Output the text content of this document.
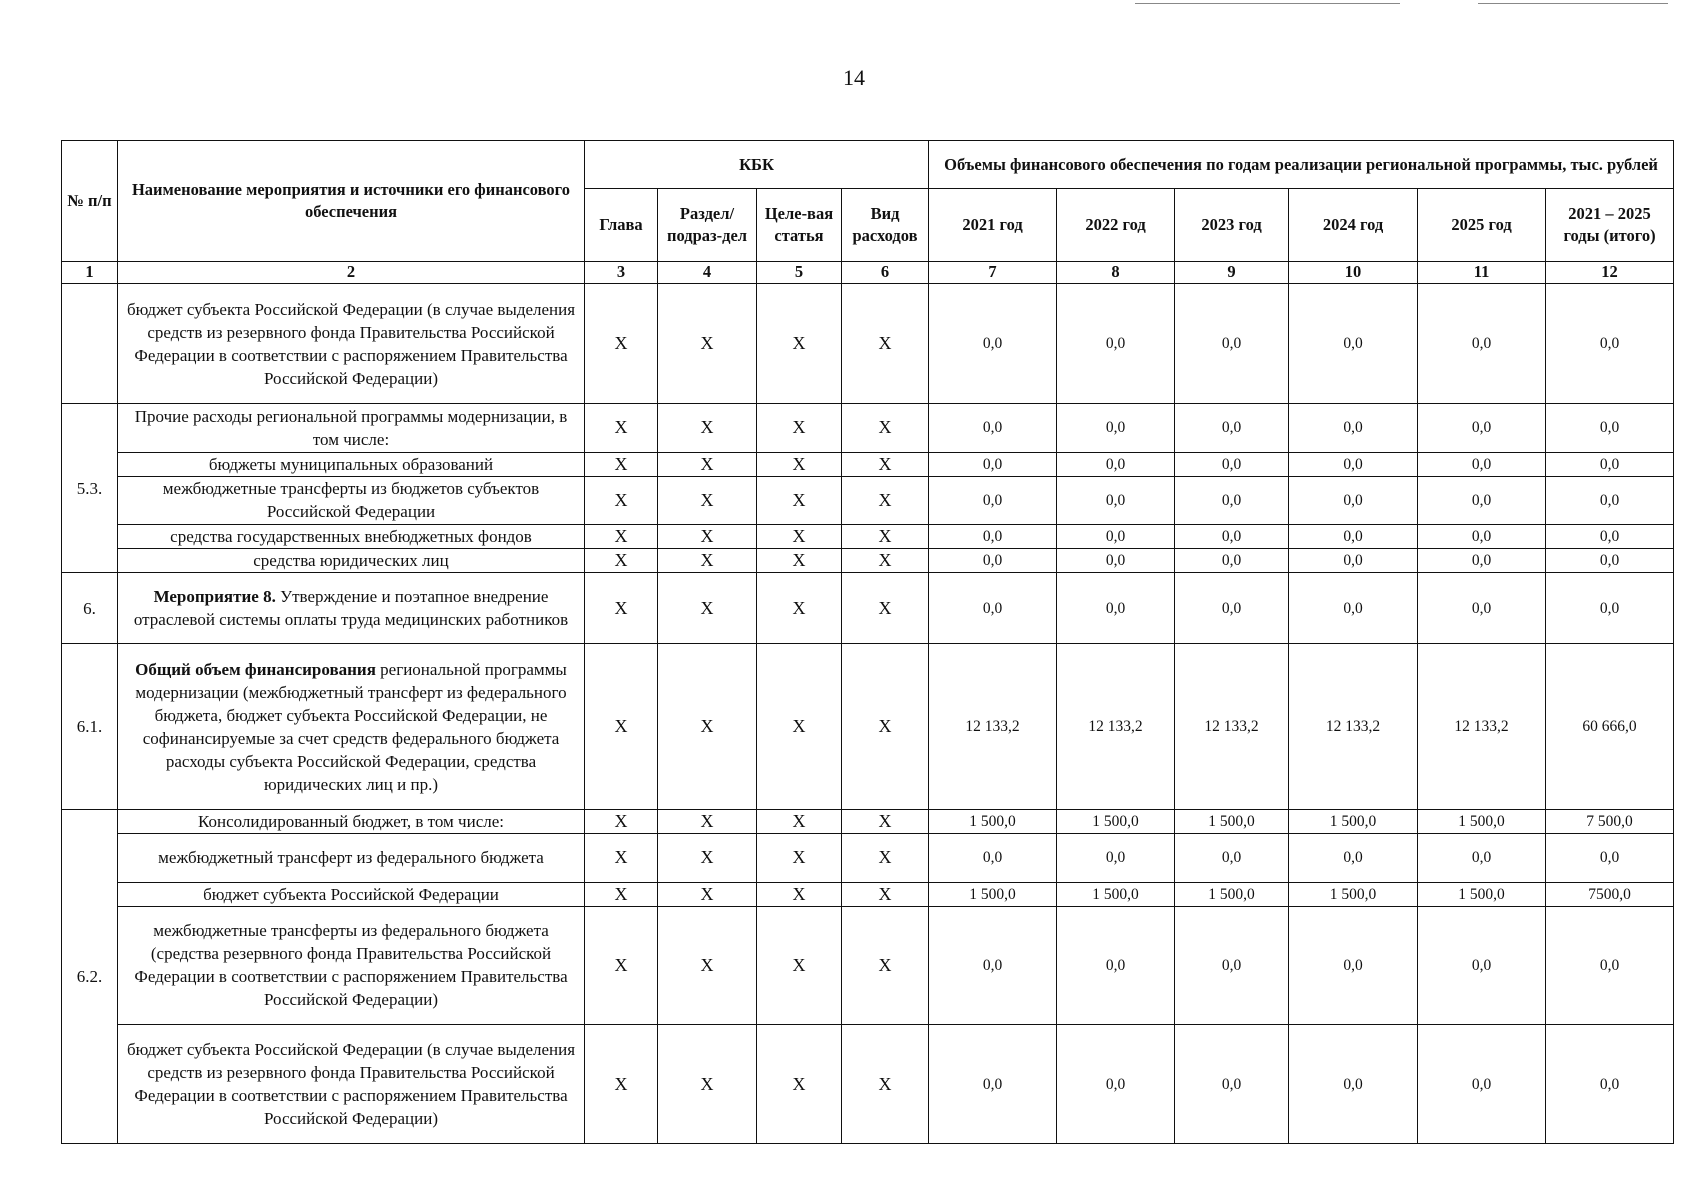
14
№ п/п	Наименование мероприятия и источники его финансового обеспечения	КБК				Объемы финансового обеспечения по годам реализации региональной программы, тыс. рублей					
		Глава	Раздел/ подраз-дел	Целе-вая статья	Вид расходов	2021 год	2022 год	2023 год	2024 год	2025 год	2021 – 2025 годы (итого)
1	2	3	4	5	6	7	8	9	10	11	12
	бюджет субъекта Российской Федерации (в случае выделения средств из резервного фонда Правительства Российской Федерации в соответствии с распоряжением Правительства Российской Федерации)	X	X	X	X	0,0	0,0	0,0	0,0	0,0	0,0
5.3.	Прочие расходы региональной программы модернизации, в том числе:	X	X	X	X	0,0	0,0	0,0	0,0	0,0	0,0
	бюджеты муниципальных образований	X	X	X	X	0,0	0,0	0,0	0,0	0,0	0,0
	межбюджетные трансферты из бюджетов субъектов Российской Федерации	X	X	X	X	0,0	0,0	0,0	0,0	0,0	0,0
	средства государственных внебюджетных фондов	X	X	X	X	0,0	0,0	0,0	0,0	0,0	0,0
	средства юридических лиц	X	X	X	X	0,0	0,0	0,0	0,0	0,0	0,0
6.	Мероприятие 8. Утверждение и поэтапное внедрение отраслевой системы оплаты труда медицинских работников	X	X	X	X	0,0	0,0	0,0	0,0	0,0	0,0
6.1.	Общий объем финансирования региональной программы модернизации (межбюджетный трансферт из федерального бюджета, бюджет субъекта Российской Федерации, не софинансируемые за счет средств федерального бюджета расходы субъекта Российской Федерации, средства юридических лиц и пр.)	X	X	X	X	12 133,2	12 133,2	12 133,2	12 133,2	12 133,2	60 666,0
6.2.	Консолидированный бюджет, в том числе:	X	X	X	X	1 500,0	1 500,0	1 500,0	1 500,0	1 500,0	7 500,0
	межбюджетный трансферт из федерального бюджета	X	X	X	X	0,0	0,0	0,0	0,0	0,0	0,0
	бюджет субъекта Российской Федерации	X	X	X	X	1 500,0	1 500,0	1 500,0	1 500,0	1 500,0	7500,0
	межбюджетные трансферты из федерального бюджета (средства резервного фонда Правительства Российской Федерации в соответствии с распоряжением Правительства Российской Федерации)	X	X	X	X	0,0	0,0	0,0	0,0	0,0	0,0
	бюджет субъекта Российской Федерации (в случае выделения средств из резервного фонда Правительства Российской Федерации в соответствии с распоряжением Правительства Российской Федерации)	X	X	X	X	0,0	0,0	0,0	0,0	0,0	0,0
